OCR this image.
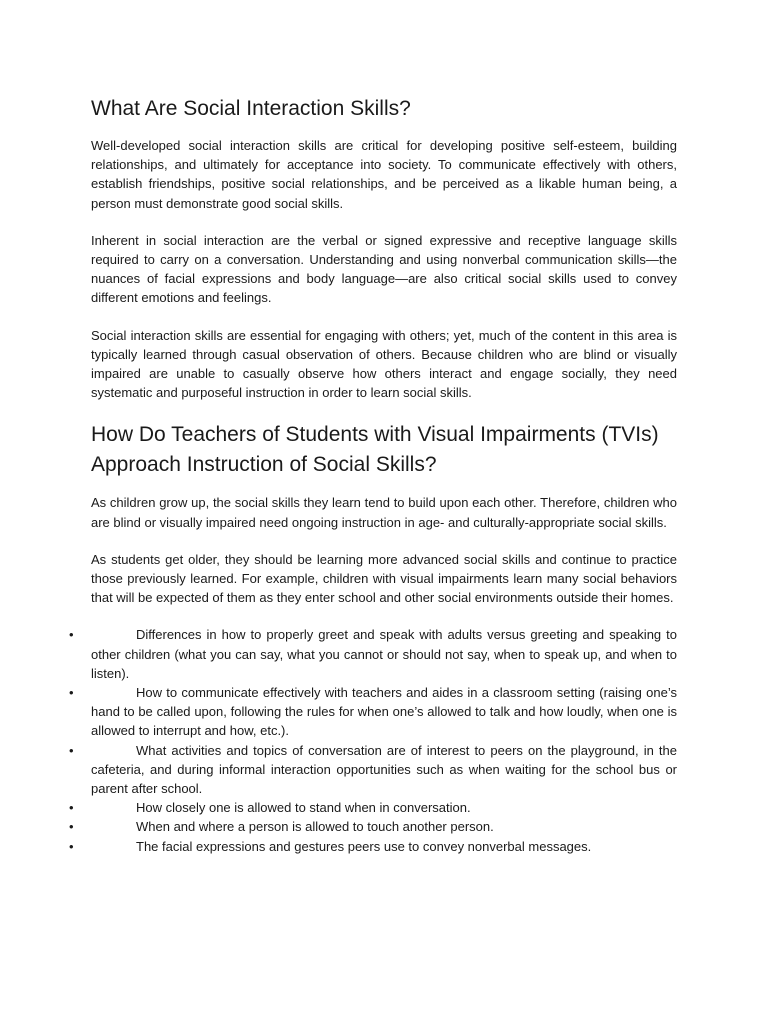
What Are Social Interaction Skills?

Well-developed social interaction skills are critical for developing positive self-esteem, building relationships, and ultimately for acceptance into society. To communicate effectively with others, establish friendships, positive social relationships, and be perceived as a likable human being, a person must demonstrate good social skills.

Inherent in social interaction are the verbal or signed expressive and receptive language skills required to carry on a conversation. Understanding and using nonverbal communication skills—the nuances of facial expressions and body language—are also critical social skills used to convey different emotions and feelings.

Social interaction skills are essential for engaging with others; yet, much of the content in this area is typically learned through casual observation of others. Because children who are blind or visually impaired are unable to casually observe how others interact and engage socially, they need systematic and purposeful instruction in order to learn social skills.

How Do Teachers of Students with Visual Impairments (TVIs) Approach Instruction of Social Skills?

As children grow up, the social skills they learn tend to build upon each other. Therefore, children who are blind or visually impaired need ongoing instruction in age- and culturally-appropriate social skills.

As students get older, they should be learning more advanced social skills and continue to practice those previously learned. For example, children with visual impairments learn many social behaviors that will be expected of them as they enter school and other social environments outside their homes.

•	Differences in how to properly greet and speak with adults versus greeting and speaking to other children (what you can say, what you cannot or should not say, when to speak up, and when to listen).
•	How to communicate effectively with teachers and aides in a classroom setting (raising one’s hand to be called upon, following the rules for when one’s allowed to talk and how loudly, when one is allowed to interrupt and how, etc.).
•	What activities and topics of conversation are of interest to peers on the playground, in the cafeteria, and during informal interaction opportunities such as when waiting for the school bus or parent after school.
•	How closely one is allowed to stand when in conversation.
•	When and where a person is allowed to touch another person.
•	The facial expressions and gestures peers use to convey nonverbal messages.
